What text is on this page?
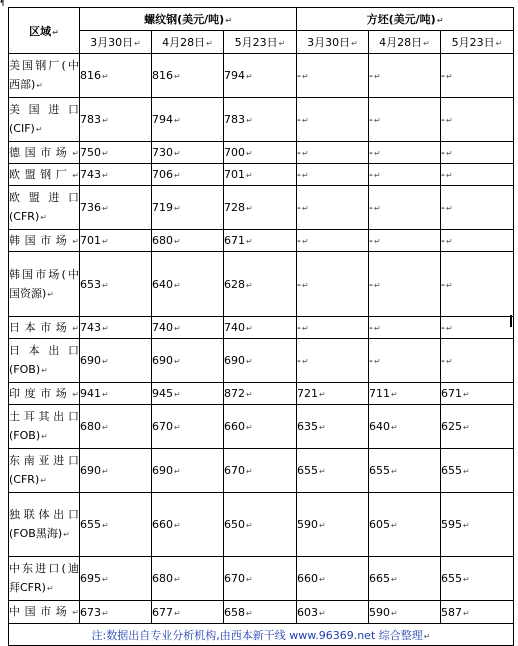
¶
区域↵	螺纹钢(美元/吨)↵			方坯(美元/吨)↵		
	3月30日↵	4月28日↵	5月23日↵	3月30日↵	4月28日↵	5月23日↵
美国钢厂(中西部)↵	816↵	816↵	794↵	-↵	-↵	-↵
美国进口(CIF)↵	783↵	794↵	783↵	-↵	-↵	-↵
德国市场↵	750↵	730↵	700↵	-↵	-↵	-↵
欧盟钢厂↵	743↵	706↵	701↵	-↵	-↵	-↵
欧盟进口(CFR)↵	736↵	719↵	728↵	-↵	-↵	-↵
韩国市场↵	701↵	680↵	671↵	-↵	-↵	-↵
韩国市场(中国资源)↵	653↵	640↵	628↵	-↵	-↵	-↵
日本市场↵	743↵	740↵	740↵	-↵	-↵	-↵
日本出口(FOB)↵	690↵	690↵	690↵	-↵	-↵	-↵
印度市场↵	941↵	945↵	872↵	721↵	711↵	671↵
土耳其出口(FOB)↵	680↵	670↵	660↵	635↵	640↵	625↵
东南亚进口(CFR)↵	690↵	690↵	670↵	655↵	655↵	655↵
独联体出口(FOB黑海)↵	655↵	660↵	650↵	590↵	605↵	595↵
中东进口(迪拜CFR)↵	695↵	680↵	670↵	660↵	665↵	655↵
中国市场↵	673↵	677↵	658↵	603↵	590↵	587↵
注:数据出自专业分析机构,由西本新干线 www.96369.net 综合整理↵						
